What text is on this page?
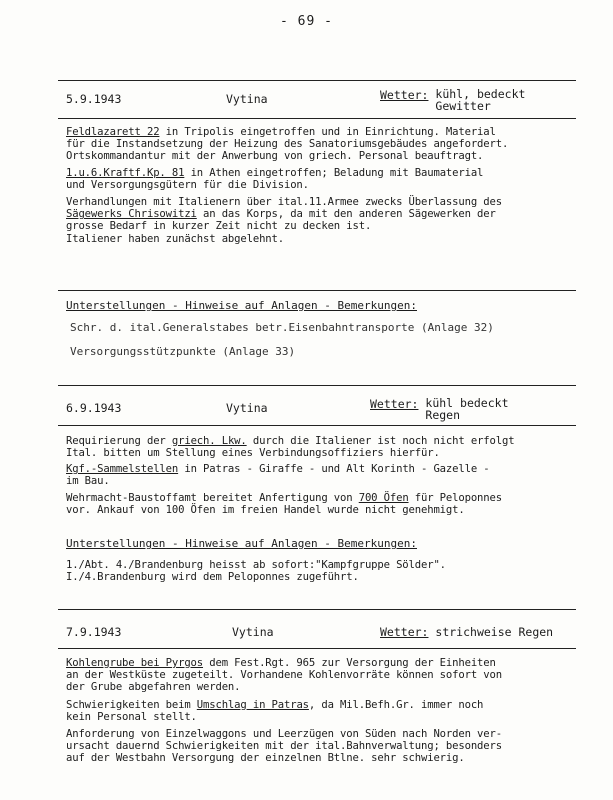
- 69 -
5.9.1943	Vytina	Wetter: kühl, bedeckt
Gewitter
Feldlazarett 22 in Tripolis eingetroffen und in Einrichtung. Material
für die Instandsetzung der Heizung des Sanatoriumsgebäudes angefordert.
Ortskommandantur mit der Anwerbung von griech. Personal beauftragt.
1.u.6.Kraftf.Kp. 81 in Athen eingetroffen; Beladung mit Baumaterial
und Versorgungsgütern für die Division.
Verhandlungen mit Italienern über ital.11.Armee zwecks Überlassung des
Sägewerks Chrisowitzi an das Korps, da mit den anderen Sägewerken der
grosse Bedarf in kurzer Zeit nicht zu decken ist.
Italiener haben zunächst abgelehnt.
Unterstellungen - Hinweise auf Anlagen - Bemerkungen:
Schr. d. ital.Generalstabes betr.Eisenbahntransporte (Anlage 32)
Versorgungsstützpunkte (Anlage 33)
6.9.1943	Vytina	Wetter: kühl bedeckt
Regen
Requirierung der griech. Lkw. durch die Italiener ist noch nicht erfolgt
Ital. bitten um Stellung eines Verbindungsoffiziers hierfür.
Kgf.-Sammelstellen in Patras - Giraffe - und Alt Korinth - Gazelle -
im Bau.
Wehrmacht-Baustoffamt bereitet Anfertigung von 700 Öfen für Peloponnes
vor. Ankauf von 100 Öfen im freien Handel wurde nicht genehmigt.
Unterstellungen - Hinweise auf Anlagen - Bemerkungen:
1./Abt. 4./Brandenburg heisst ab sofort:"Kampfgruppe Sölder".
I./4.Brandenburg wird dem Peloponnes zugeführt.
7.9.1943	Vytina	Wetter: strichweise Regen
Kohlengrube bei Pyrgos dem Fest.Rgt. 965 zur Versorgung der Einheiten
an der Westküste zugeteilt. Vorhandene Kohlenvorräte können sofort von
der Grube abgefahren werden.
Schwierigkeiten beim Umschlag in Patras, da Mil.Befh.Gr. immer noch
kein Personal stellt.
Anforderung von Einzelwaggons und Leerzügen von Süden nach Norden ver-
ursacht dauernd Schwierigkeiten mit der ital.Bahnverwaltung; besonders
auf der Westbahn Versorgung der einzelnen Btlne. sehr schwierig.
